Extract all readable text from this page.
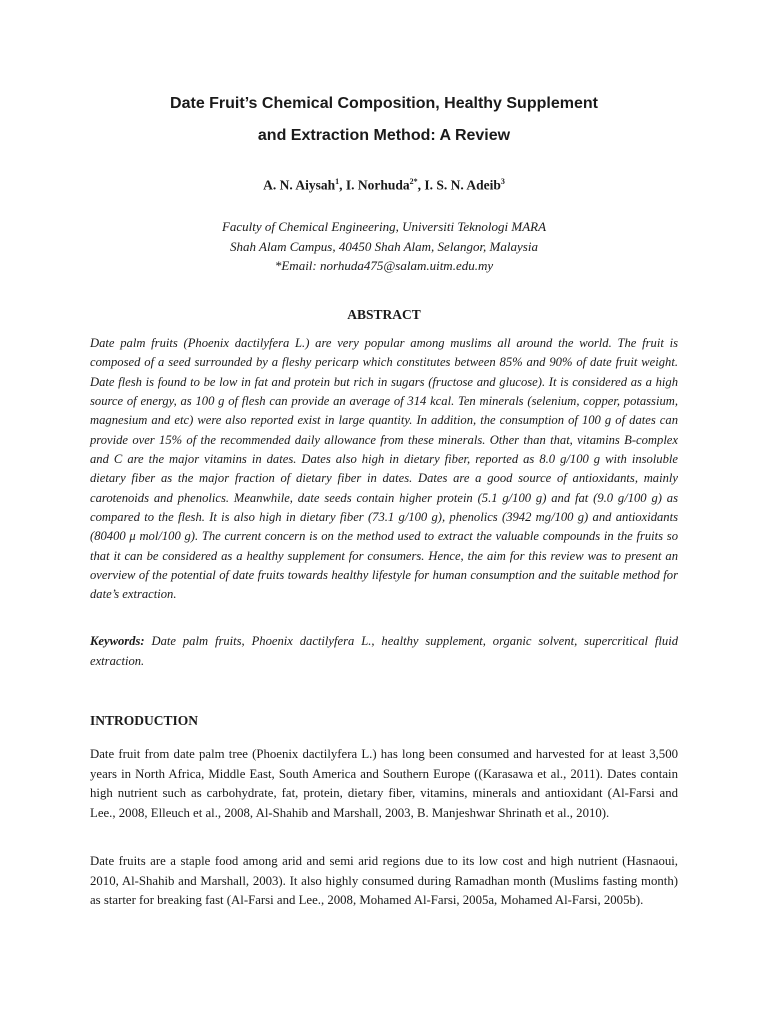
Date Fruit’s Chemical Composition, Healthy Supplement
and Extraction Method: A Review
A. N. Aiysah$^1$, I. Norhuda$^{2*}$, I. S. N. Adeib$^3$
Faculty of Chemical Engineering, Universiti Teknologi MARA
Shah Alam Campus, 40450 Shah Alam, Selangor, Malaysia
*Email: norhuda475@salam.uitm.edu.my
ABSTRACT

Date palm fruits (Phoenix dactilyfera L.) are very popular among muslims all around the world. The fruit is composed of a seed surrounded by a fleshy pericarp which constitutes between 85% and 90% of date fruit weight. Date flesh is found to be low in fat and protein but rich in sugars (fructose and glucose). It is considered as a high source of energy, as 100 g of flesh can provide an average of 314 kcal. Ten minerals (selenium, copper, potassium, magnesium and etc) were also reported exist in large quantity. In addition, the consumption of 100 g of dates can provide over 15% of the recommended daily allowance from these minerals. Other than that, vitamins B-complex and C are the major vitamins in dates. Dates also high in dietary fiber, reported as 8.0 g/100 g with insoluble dietary fiber as the major fraction of dietary fiber in dates. Dates are a good source of antioxidants, mainly carotenoids and phenolics. Meanwhile, date seeds contain higher protein (5.1 g/100 g) and fat (9.0 g/100 g) as compared to the flesh. It is also high in dietary fiber (73.1 g/100 g), phenolics (3942 mg/100 g) and antioxidants (80400 μ mol/100 g). The current concern is on the method used to extract the valuable compounds in the fruits so that it can be considered as a healthy supplement for consumers. Hence, the aim for this review was to present an overview of the potential of date fruits towards healthy lifestyle for human consumption and the suitable method for date’s extraction.

Keywords: Date palm fruits, Phoenix dactilyfera L., healthy supplement, organic solvent, supercritical fluid extraction.
INTRODUCTION

Date fruit from date palm tree (Phoenix dactilyfera L.) has long been consumed and harvested for at least 3,500 years in North Africa, Middle East, South America and Southern Europe ((Karasawa et al., 2011). Dates contain high nutrient such as carbohydrate, fat, protein, dietary fiber, vitamins, minerals and antioxidant (Al-Farsi and Lee., 2008, Elleuch et al., 2008, Al-Shahib and Marshall, 2003, B. Manjeshwar Shrinath et al., 2010).

Date fruits are a staple food among arid and semi arid regions due to its low cost and high nutrient (Hasnaoui, 2010, Al-Shahib and Marshall, 2003). It also highly consumed during Ramadhan month (Muslims fasting month) as starter for breaking fast (Al-Farsi and Lee., 2008, Mohamed Al-Farsi, 2005a, Mohamed Al-Farsi, 2005b).
